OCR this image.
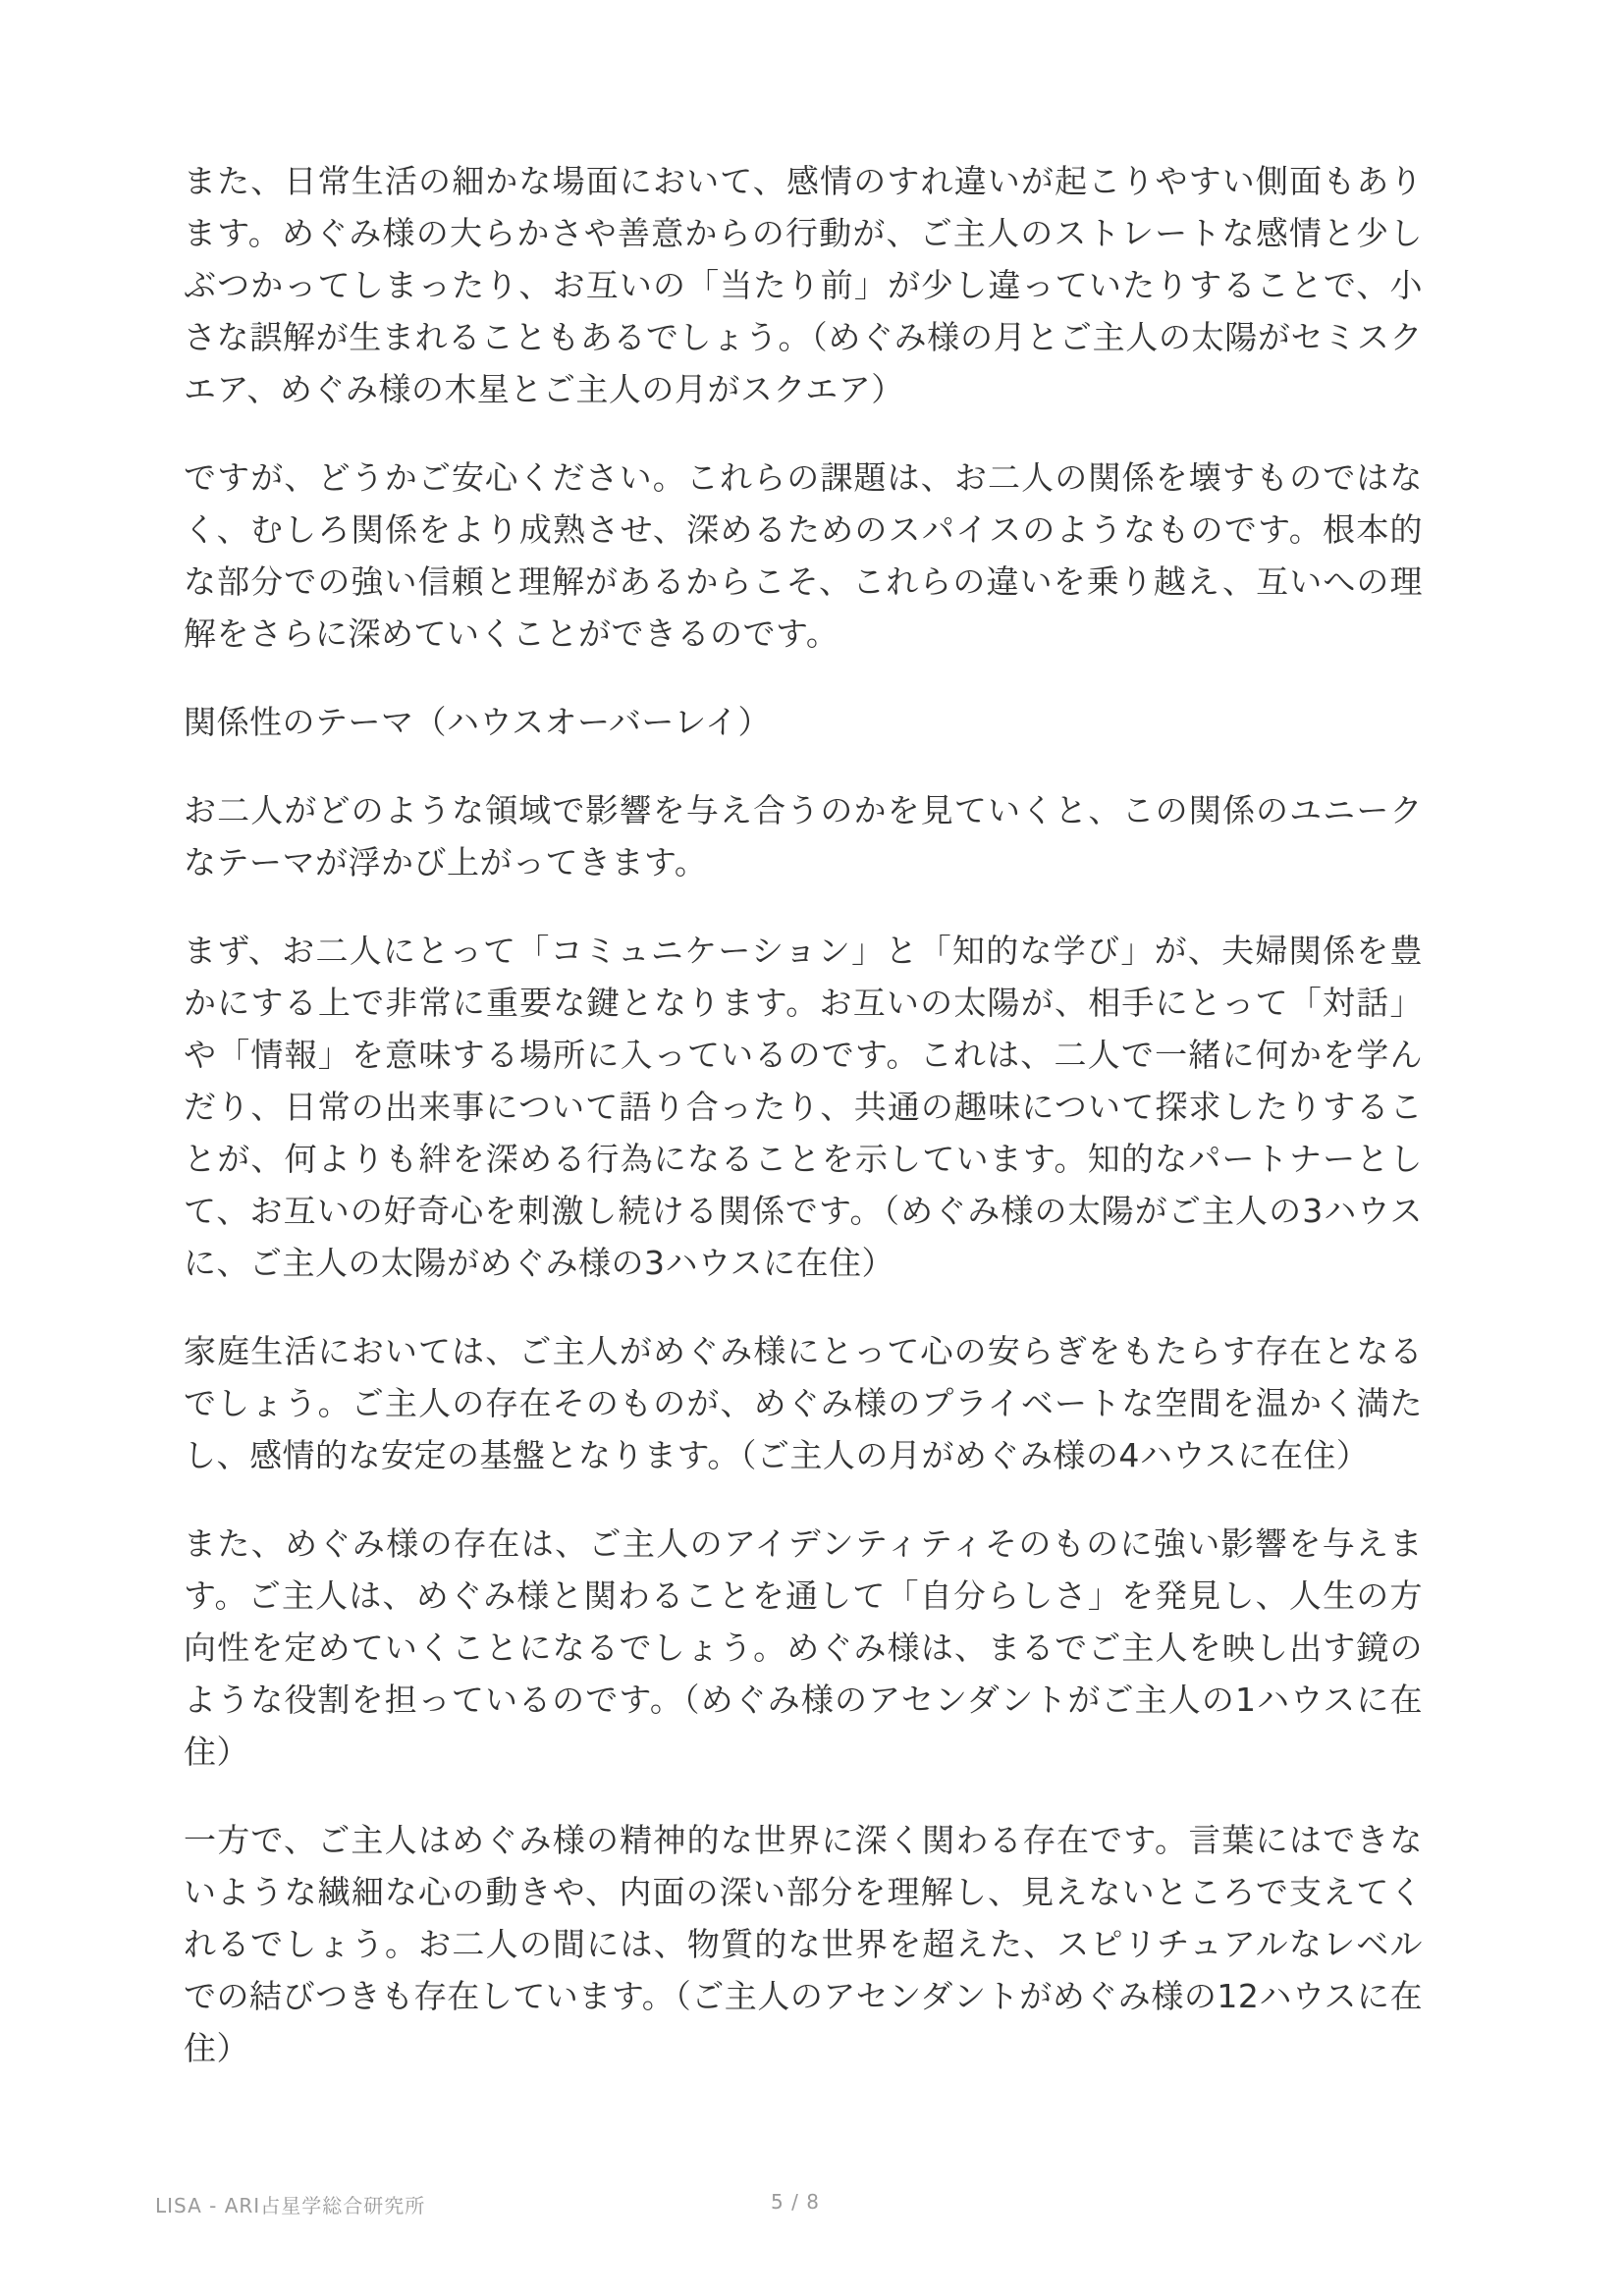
また、日常生活の細かな場面において、感情のすれ違いが起こりやすい側面もあります。めぐみ様の大らかさや善意からの行動が、ご主人のストレートな感情と少しぶつかってしまったり、お互いの「当たり前」が少し違っていたりすることで、小さな誤解が生まれることもあるでしょう。（めぐみ様の月とご主人の太陽がセミスクエア、めぐみ様の木星とご主人の月がスクエア）

ですが、どうかご安心ください。これらの課題は、お二人の関係を壊すものではなく、むしろ関係をより成熟させ、深めるためのスパイスのようなものです。根本的な部分での強い信頼と理解があるからこそ、これらの違いを乗り越え、互いへの理解をさらに深めていくことができるのです。

関係性のテーマ（ハウスオーバーレイ）

お二人がどのような領域で影響を与え合うのかを見ていくと、この関係のユニークなテーマが浮かび上がってきます。

まず、お二人にとって「コミュニケーション」と「知的な学び」が、夫婦関係を豊かにする上で非常に重要な鍵となります。お互いの太陽が、相手にとって「対話」や「情報」を意味する場所に入っているのです。これは、二人で一緒に何かを学んだり、日常の出来事について語り合ったり、共通の趣味について探求したりすることが、何よりも絆を深める行為になることを示しています。知的なパートナーとして、お互いの好奇心を刺激し続ける関係です。（めぐみ様の太陽がご主人の3ハウスに、ご主人の太陽がめぐみ様の3ハウスに在住）

家庭生活においては、ご主人がめぐみ様にとって心の安らぎをもたらす存在となるでしょう。ご主人の存在そのものが、めぐみ様のプライベートな空間を温かく満たし、感情的な安定の基盤となります。（ご主人の月がめぐみ様の4ハウスに在住）

また、めぐみ様の存在は、ご主人のアイデンティティそのものに強い影響を与えます。ご主人は、めぐみ様と関わることを通して「自分らしさ」を発見し、人生の方向性を定めていくことになるでしょう。めぐみ様は、まるでご主人を映し出す鏡のような役割を担っているのです。（めぐみ様のアセンダントがご主人の1ハウスに在住）

一方で、ご主人はめぐみ様の精神的な世界に深く関わる存在です。言葉にはできないような繊細な心の動きや、内面の深い部分を理解し、見えないところで支えてくれるでしょう。お二人の間には、物質的な世界を超えた、スピリチュアルなレベルでの結びつきも存在しています。（ご主人のアセンダントがめぐみ様の12ハウスに在住）

LISA - ARI占星学総合研究所	5 / 8
